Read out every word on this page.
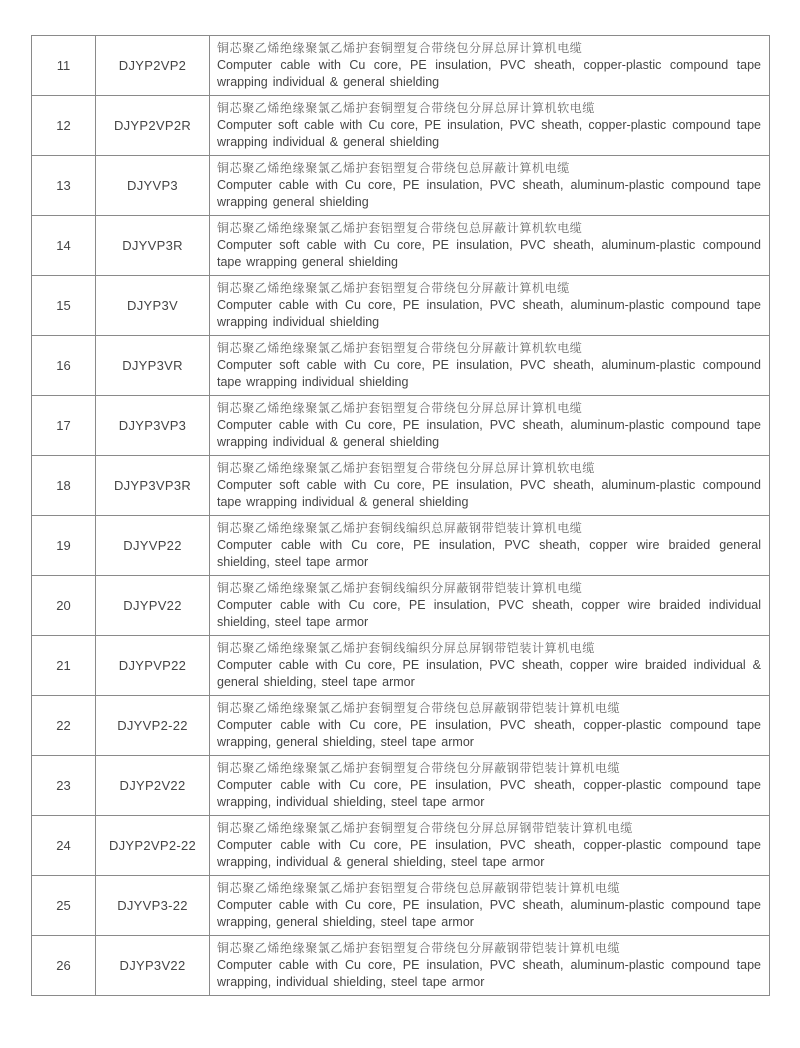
11	DJYP2VP2	铜芯聚乙烯绝缘聚氯乙烯护套铜塑复合带绕包分屏总屏计算机电缆
Computer cable with Cu core, PE insulation, PVC sheath, copper-plastic compound tape wrapping individual & general shielding

12	DJYP2VP2R	铜芯聚乙烯绝缘聚氯乙烯护套铜塑复合带绕包分屏总屏计算机软电缆
Computer soft cable with Cu core, PE insulation, PVC sheath, copper-plastic compound tape wrapping individual & general shielding

13	DJYVP3	铜芯聚乙烯绝缘聚氯乙烯护套铝塑复合带绕包总屏蔽计算机电缆
Computer cable with Cu core, PE insulation, PVC sheath, aluminum-plastic compound tape wrapping general shielding

14	DJYVP3R	铜芯聚乙烯绝缘聚氯乙烯护套铝塑复合带绕包总屏蔽计算机软电缆
Computer soft cable with Cu core, PE insulation, PVC sheath, aluminum-plastic compound tape wrapping general shielding

15	DJYP3V	铜芯聚乙烯绝缘聚氯乙烯护套铝塑复合带绕包分屏蔽计算机电缆
Computer cable with Cu core, PE insulation, PVC sheath, aluminum-plastic compound tape wrapping individual shielding

16	DJYP3VR	铜芯聚乙烯绝缘聚氯乙烯护套铝塑复合带绕包分屏蔽计算机软电缆
Computer soft cable with Cu core, PE insulation, PVC sheath, aluminum-plastic compound tape wrapping individual shielding

17	DJYP3VP3	铜芯聚乙烯绝缘聚氯乙烯护套铝塑复合带绕包分屏总屏计算机电缆
Computer cable with Cu core, PE insulation, PVC sheath, aluminum-plastic compound tape wrapping individual & general shielding

18	DJYP3VP3R	铜芯聚乙烯绝缘聚氯乙烯护套铝塑复合带绕包分屏总屏计算机软电缆
Computer soft cable with Cu core, PE insulation, PVC sheath, aluminum-plastic compound tape wrapping individual & general shielding

19	DJYVP22	铜芯聚乙烯绝缘聚氯乙烯护套铜线编织总屏蔽钢带铠装计算机电缆
Computer cable with Cu core, PE insulation, PVC sheath, copper wire braided general shielding, steel tape armor

20	DJYPV22	铜芯聚乙烯绝缘聚氯乙烯护套铜线编织分屏蔽钢带铠装计算机电缆
Computer cable with Cu core, PE insulation, PVC sheath, copper wire braided individual shielding, steel tape armor

21	DJYPVP22	铜芯聚乙烯绝缘聚氯乙烯护套铜线编织分屏总屏钢带铠装计算机电缆
Computer cable with Cu core, PE insulation, PVC sheath, copper wire braided individual & general shielding, steel tape armor

22	DJYVP2-22	铜芯聚乙烯绝缘聚氯乙烯护套铜塑复合带绕包总屏蔽钢带铠装计算机电缆
Computer cable with Cu core, PE insulation, PVC sheath, copper-plastic compound tape wrapping, general shielding, steel tape armor

23	DJYP2V22	铜芯聚乙烯绝缘聚氯乙烯护套铜塑复合带绕包分屏蔽钢带铠装计算机电缆
Computer cable with Cu core, PE insulation, PVC sheath, copper-plastic compound tape wrapping, individual shielding, steel tape armor

24	DJYP2VP2-22	铜芯聚乙烯绝缘聚氯乙烯护套铜塑复合带绕包分屏总屏钢带铠装计算机电缆
Computer cable with Cu core, PE insulation, PVC sheath, copper-plastic compound tape wrapping, individual & general shielding, steel tape armor

25	DJYVP3-22	铜芯聚乙烯绝缘聚氯乙烯护套铝塑复合带绕包总屏蔽钢带铠装计算机电缆
Computer cable with Cu core, PE insulation, PVC sheath, aluminum-plastic compound tape wrapping, general shielding, steel tape armor

26	DJYP3V22	铜芯聚乙烯绝缘聚氯乙烯护套铝塑复合带绕包分屏蔽钢带铠装计算机电缆
Computer cable with Cu core, PE insulation, PVC sheath, aluminum-plastic compound tape wrapping, individual shielding, steel tape armor
